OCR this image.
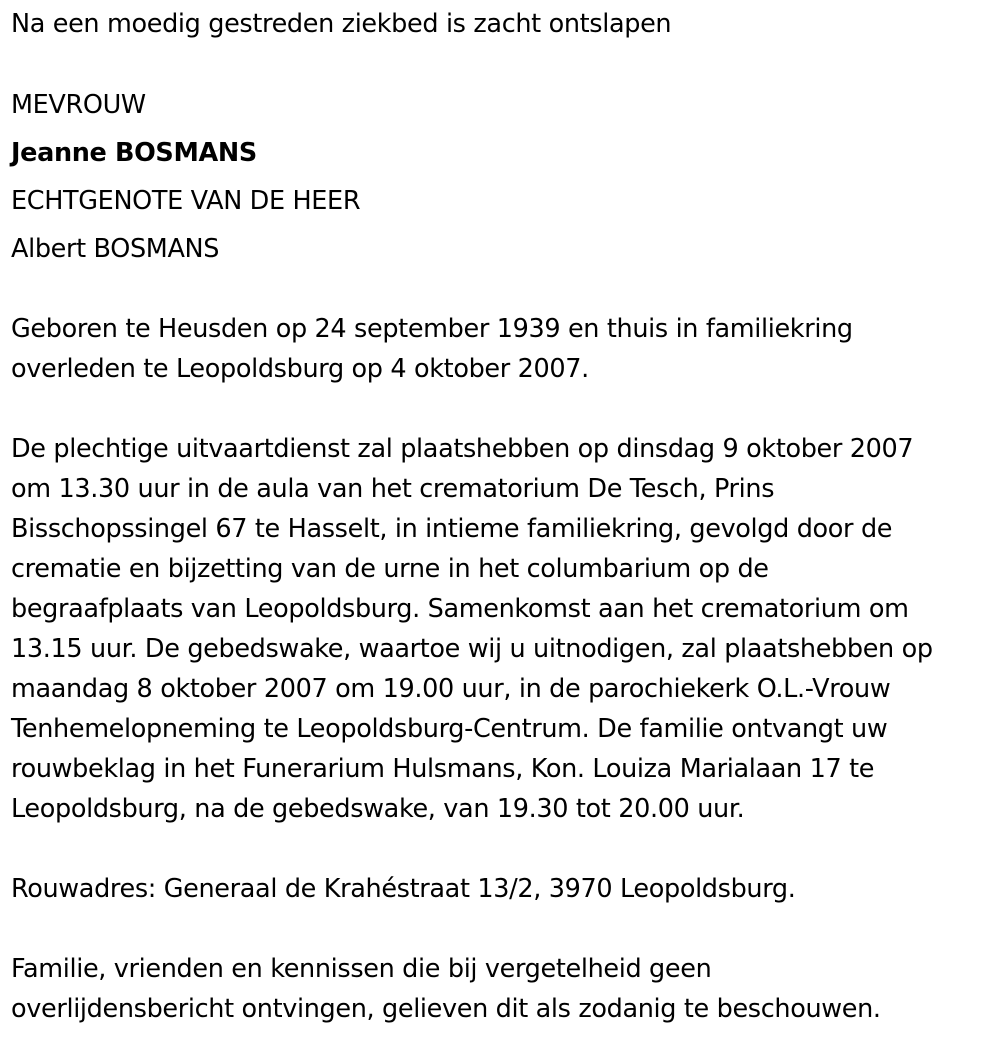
Na een moedig gestreden ziekbed is zacht ontslapen
MEVROUW
Jeanne BOSMANS
ECHTGENOTE VAN DE HEER
Albert BOSMANS
Geboren te Heusden op 24 september 1939 en thuis in familiekring
overleden te Leopoldsburg op 4 oktober 2007.
De plechtige uitvaartdienst zal plaatshebben op dinsdag 9 oktober 2007
om 13.30 uur in de aula van het crematorium De Tesch, Prins
Bisschopssingel 67 te Hasselt, in intieme familiekring, gevolgd door de
crematie en bijzetting van de urne in het columbarium op de
begraafplaats van Leopoldsburg. Samenkomst aan het crematorium om
13.15 uur. De gebedswake, waartoe wij u uitnodigen, zal plaatshebben op
maandag 8 oktober 2007 om 19.00 uur, in de parochiekerk O.L.-Vrouw
Tenhemelopneming te Leopoldsburg-Centrum. De familie ontvangt uw
rouwbeklag in het Funerarium Hulsmans, Kon. Louiza Marialaan 17 te
Leopoldsburg, na de gebedswake, van 19.30 tot 20.00 uur.
Rouwadres: Generaal de Krahéstraat 13/2, 3970 Leopoldsburg.
Familie, vrienden en kennissen die bij vergetelheid geen
overlijdensbericht ontvingen, gelieven dit als zodanig te beschouwen.
